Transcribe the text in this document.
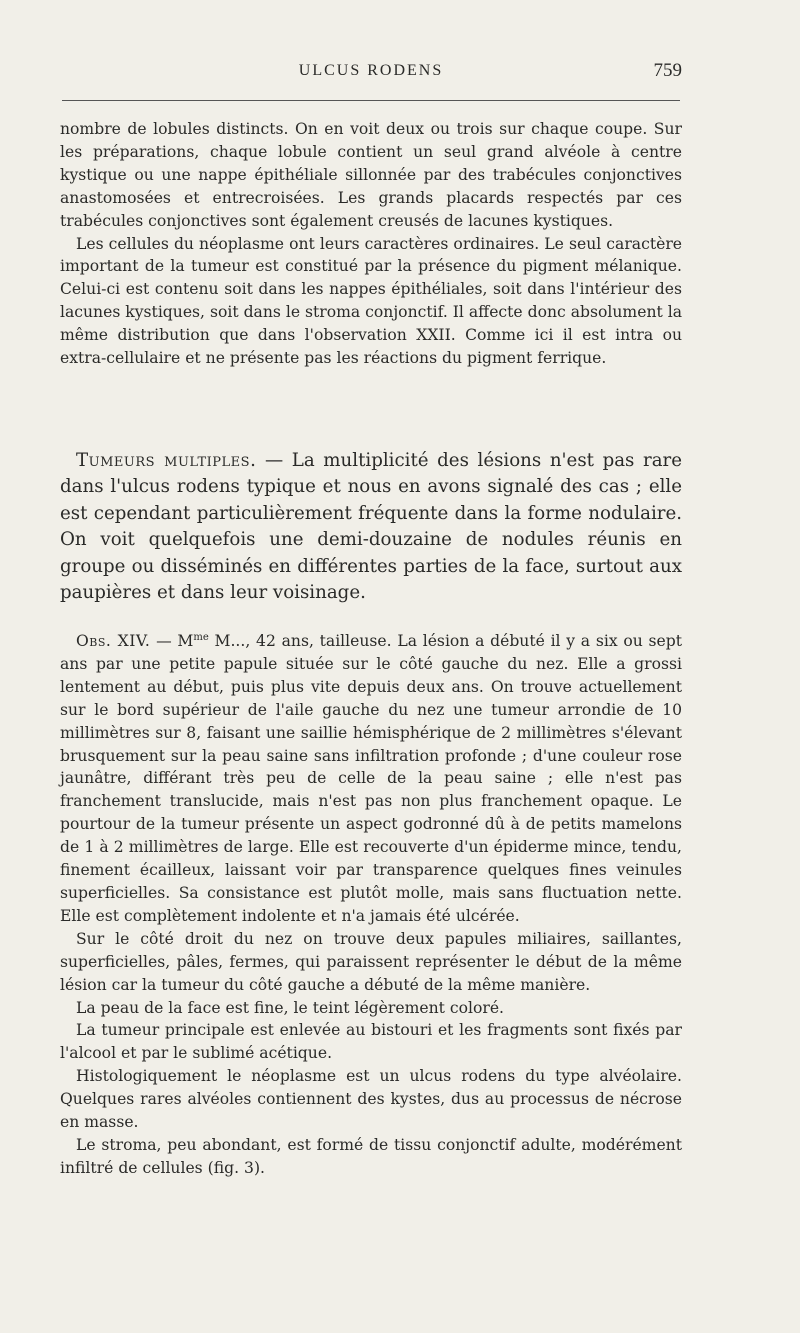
ULCUS RODENS	759

nombre de lobules distincts. On en voit deux ou trois sur chaque coupe. Sur les préparations, chaque lobule contient un seul grand alvéole à centre kystique ou une nappe épithéliale sillonnée par des trabécules conjonctives anastomosées et entrecroisées. Les grands placards respectés par ces trabécules conjonctives sont également creusés de lacunes kystiques.

Les cellules du néoplasme ont leurs caractères ordinaires. Le seul caractère important de la tumeur est constitué par la présence du pigment mélanique. Celui-ci est contenu soit dans les nappes épithéliales, soit dans l'intérieur des lacunes kystiques, soit dans le stroma conjonctif. Il affecte donc absolument la même distribution que dans l'observation XXII. Comme ici il est intra ou extra-cellulaire et ne présente pas les réactions du pigment ferrique.

Tumeurs multiples. — La multiplicité des lésions n'est pas rare dans l'ulcus rodens typique et nous en avons signalé des cas ; elle est cependant particulièrement fréquente dans la forme nodulaire. On voit quelquefois une demi-douzaine de nodules réunis en groupe ou disséminés en différentes parties de la face, surtout aux paupières et dans leur voisinage.

Obs. XIV. — $M^{me}$ M..., 42 ans, tailleuse. La lésion a débuté il y a six ou sept ans par une petite papule située sur le côté gauche du nez. Elle a grossi lentement au début, puis plus vite depuis deux ans. On trouve actuellement sur le bord supérieur de l'aile gauche du nez une tumeur arrondie de 10 millimètres sur 8, faisant une saillie hémisphérique de 2 millimètres s'élevant brusquement sur la peau saine sans infiltration profonde ; d'une couleur rose jaunâtre, différant très peu de celle de la peau saine ; elle n'est pas franchement translucide, mais n'est pas non plus franchement opaque. Le pourtour de la tumeur présente un aspect godronné dû à de petits mamelons de 1 à 2 millimètres de large. Elle est recouverte d'un épiderme mince, tendu, finement écailleux, laissant voir par transparence quelques fines veinules superficielles. Sa consistance est plutôt molle, mais sans fluctuation nette. Elle est complètement indolente et n'a jamais été ulcérée.

Sur le côté droit du nez on trouve deux papules miliaires, saillantes, superficielles, pâles, fermes, qui paraissent représenter le début de la même lésion car la tumeur du côté gauche a débuté de la même manière.

La peau de la face est fine, le teint légèrement coloré.

La tumeur principale est enlevée au bistouri et les fragments sont fixés par l'alcool et par le sublimé acétique.

Histologiquement le néoplasme est un ulcus rodens du type alvéolaire. Quelques rares alvéoles contiennent des kystes, dus au processus de nécrose en masse.

Le stroma, peu abondant, est formé de tissu conjonctif adulte, modérément infiltré de cellules (fig. 3).
